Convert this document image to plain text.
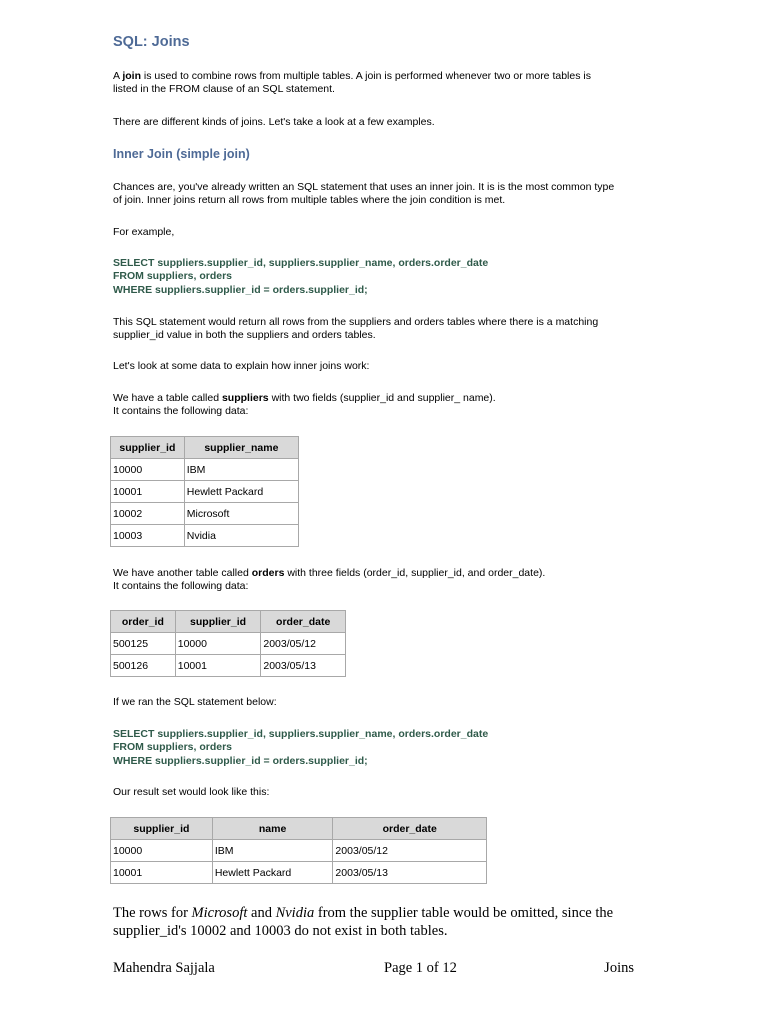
SQL: Joins
A join is used to combine rows from multiple tables. A join is performed whenever two or more tables is
listed in the FROM clause of an SQL statement.
There are different kinds of joins. Let's take a look at a few examples.
Inner Join (simple join)
Chances are, you've already written an SQL statement that uses an inner join. It is is the most common type
of join. Inner joins return all rows from multiple tables where the join condition is met.
For example,
SELECT suppliers.supplier_id, suppliers.supplier_name, orders.order_date
FROM suppliers, orders
WHERE suppliers.supplier_id = orders.supplier_id;
This SQL statement would return all rows from the suppliers and orders tables where there is a matching
supplier_id value in both the suppliers and orders tables.
Let's look at some data to explain how inner joins work:
We have a table called suppliers with two fields (supplier_id and supplier_ name).
It contains the following data:
supplier_id	supplier_name
10000	IBM
10001	Hewlett Packard
10002	Microsoft
10003	Nvidia
We have another table called orders with three fields (order_id, supplier_id, and order_date).
It contains the following data:
order_id	supplier_id	order_date
500125	10000	2003/05/12
500126	10001	2003/05/13
If we ran the SQL statement below:
SELECT suppliers.supplier_id, suppliers.supplier_name, orders.order_date
FROM suppliers, orders
WHERE suppliers.supplier_id = orders.supplier_id;
Our result set would look like this:
supplier_id	name	order_date
10000	IBM	2003/05/12
10001	Hewlett Packard	2003/05/13
The rows for Microsoft and Nvidia from the supplier table would be omitted, since the
supplier_id's 10002 and 10003 do not exist in both tables.
Mahendra Sajjala	Page 1 of 12	Joins
